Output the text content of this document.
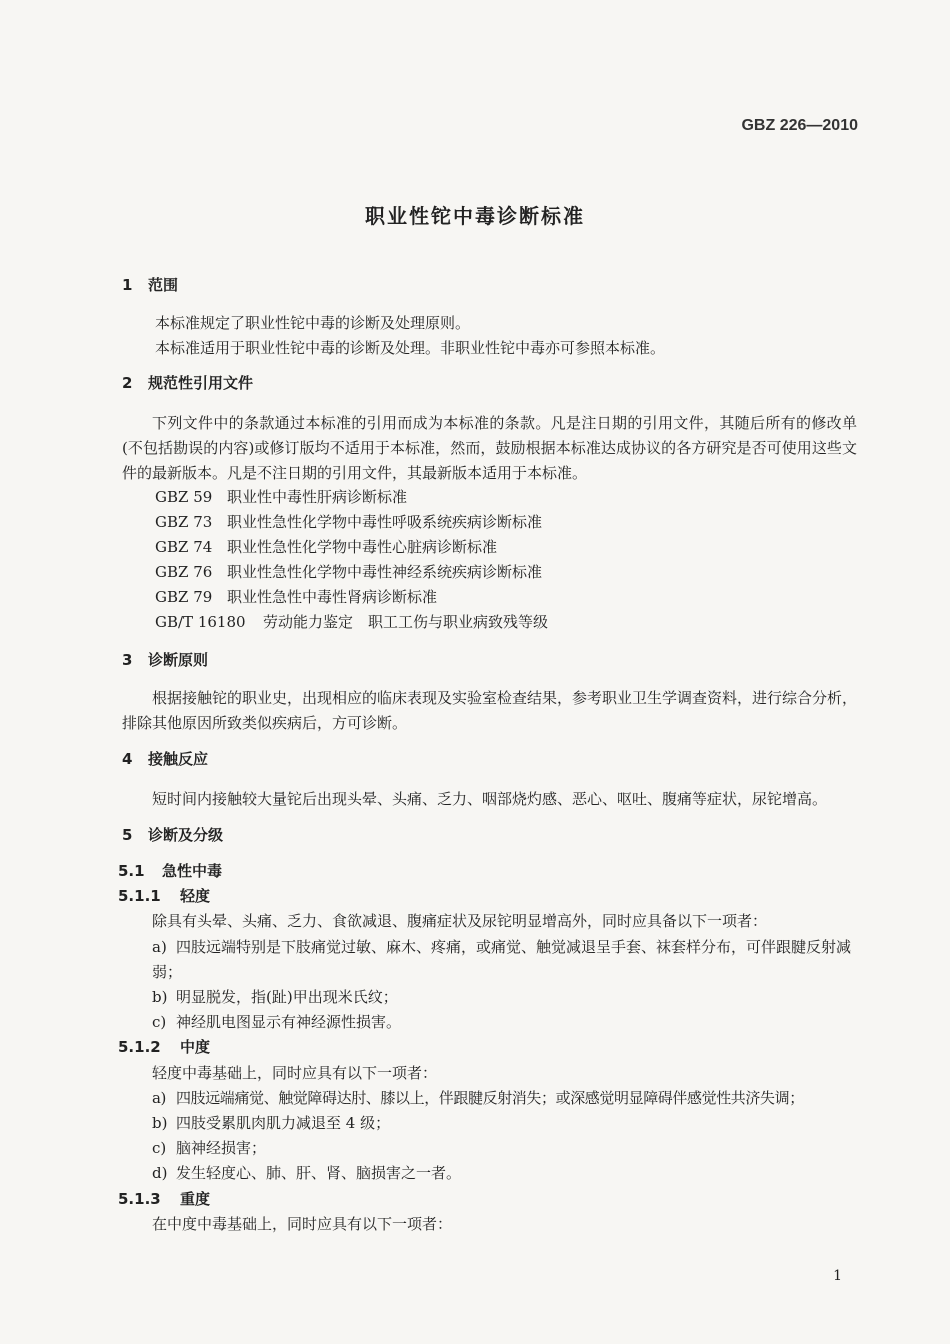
GBZ 226—2010
职业性铊中毒诊断标准
1 范围
本标准规定了职业性铊中毒的诊断及处理原则。
本标准适用于职业性铊中毒的诊断及处理。非职业性铊中毒亦可参照本标准。
2 规范性引用文件
下列文件中的条款通过本标准的引用而成为本标准的条款。凡是注日期的引用文件，其随后所有的修改单(不包括勘误的内容)或修订版均不适用于本标准，然而，鼓励根据本标准达成协议的各方研究是否可使用这些文件的最新版本。凡是不注日期的引用文件，其最新版本适用于本标准。
GBZ 59 职业性中毒性肝病诊断标准
GBZ 73 职业性急性化学物中毒性呼吸系统疾病诊断标准
GBZ 74 职业性急性化学物中毒性心脏病诊断标准
GBZ 76 职业性急性化学物中毒性神经系统疾病诊断标准
GBZ 79 职业性急性中毒性肾病诊断标准
GB/T 16180 劳动能力鉴定　职工工伤与职业病致残等级
3 诊断原则
根据接触铊的职业史，出现相应的临床表现及实验室检查结果，参考职业卫生学调查资料，进行综合分析，排除其他原因所致类似疾病后，方可诊断。
4 接触反应
短时间内接触较大量铊后出现头晕、头痛、乏力、咽部烧灼感、恶心、呕吐、腹痛等症状，尿铊增高。
5 诊断及分级
5.1 急性中毒
5.1.1 轻度
除具有头晕、头痛、乏力、食欲减退、腹痛症状及尿铊明显增高外，同时应具备以下一项者：
a) 四肢远端特别是下肢痛觉过敏、麻木、疼痛，或痛觉、触觉减退呈手套、袜套样分布，可伴跟腱反射减弱；
b) 明显脱发，指(趾)甲出现米氏纹；
c) 神经肌电图显示有神经源性损害。
5.1.2 中度
轻度中毒基础上，同时应具有以下一项者：
a) 四肢远端痛觉、触觉障碍达肘、膝以上，伴跟腱反射消失；或深感觉明显障碍伴感觉性共济失调；
b) 四肢受累肌肉肌力减退至 4 级；
c) 脑神经损害；
d) 发生轻度心、肺、肝、肾、脑损害之一者。
5.1.3 重度
在中度中毒基础上，同时应具有以下一项者：
1
